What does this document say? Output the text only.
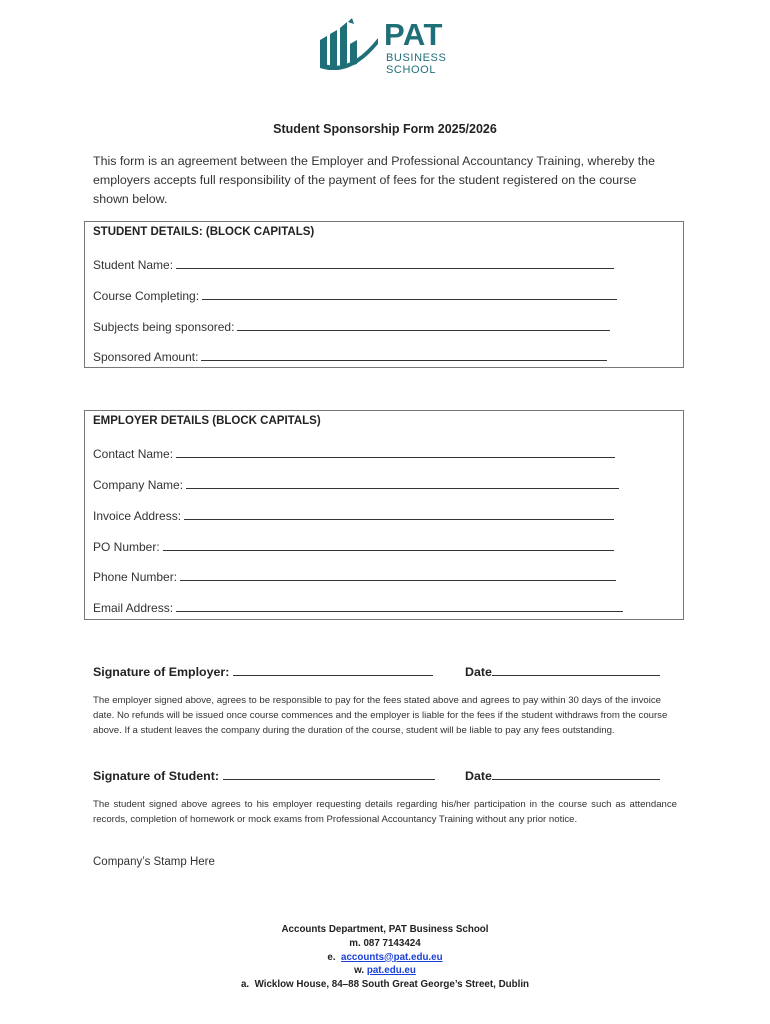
PAT
BUSINESS
SCHOOL
Student Sponsorship Form 2025/2026
This form is an agreement between the Employer and Professional Accountancy Training, whereby the employers accepts full responsibility of the payment of fees for the student registered on the course shown below.
STUDENT DETAILS: (BLOCK CAPITALS)
Student Name:
Course Completing:
Subjects being sponsored:
Sponsored Amount:
EMPLOYER DETAILS (BLOCK CAPITALS)
Contact Name:
Company Name:
Invoice Address:
PO Number:
Phone Number:
Email Address:
Signature of Employer:	Date
The employer signed above, agrees to be responsible to pay for the fees stated above and agrees to pay within 30 days of the invoice date. No refunds will be issued once course commences and the employer is liable for the fees if the student withdraws from the course above. If a student leaves the company during the duration of the course, student will be liable to pay any fees outstanding.
Signature of Student:	Date
The student signed above agrees to his employer requesting details regarding his/her participation in the course such as attendance records, completion of homework or mock exams from Professional Accountancy Training without any prior notice.
Company’s Stamp Here
Accounts Department, PAT Business School
m. 087 7143424
e. accounts@pat.edu.eu
w. pat.edu.eu
a. Wicklow House, 84–88 South Great George’s Street, Dublin
